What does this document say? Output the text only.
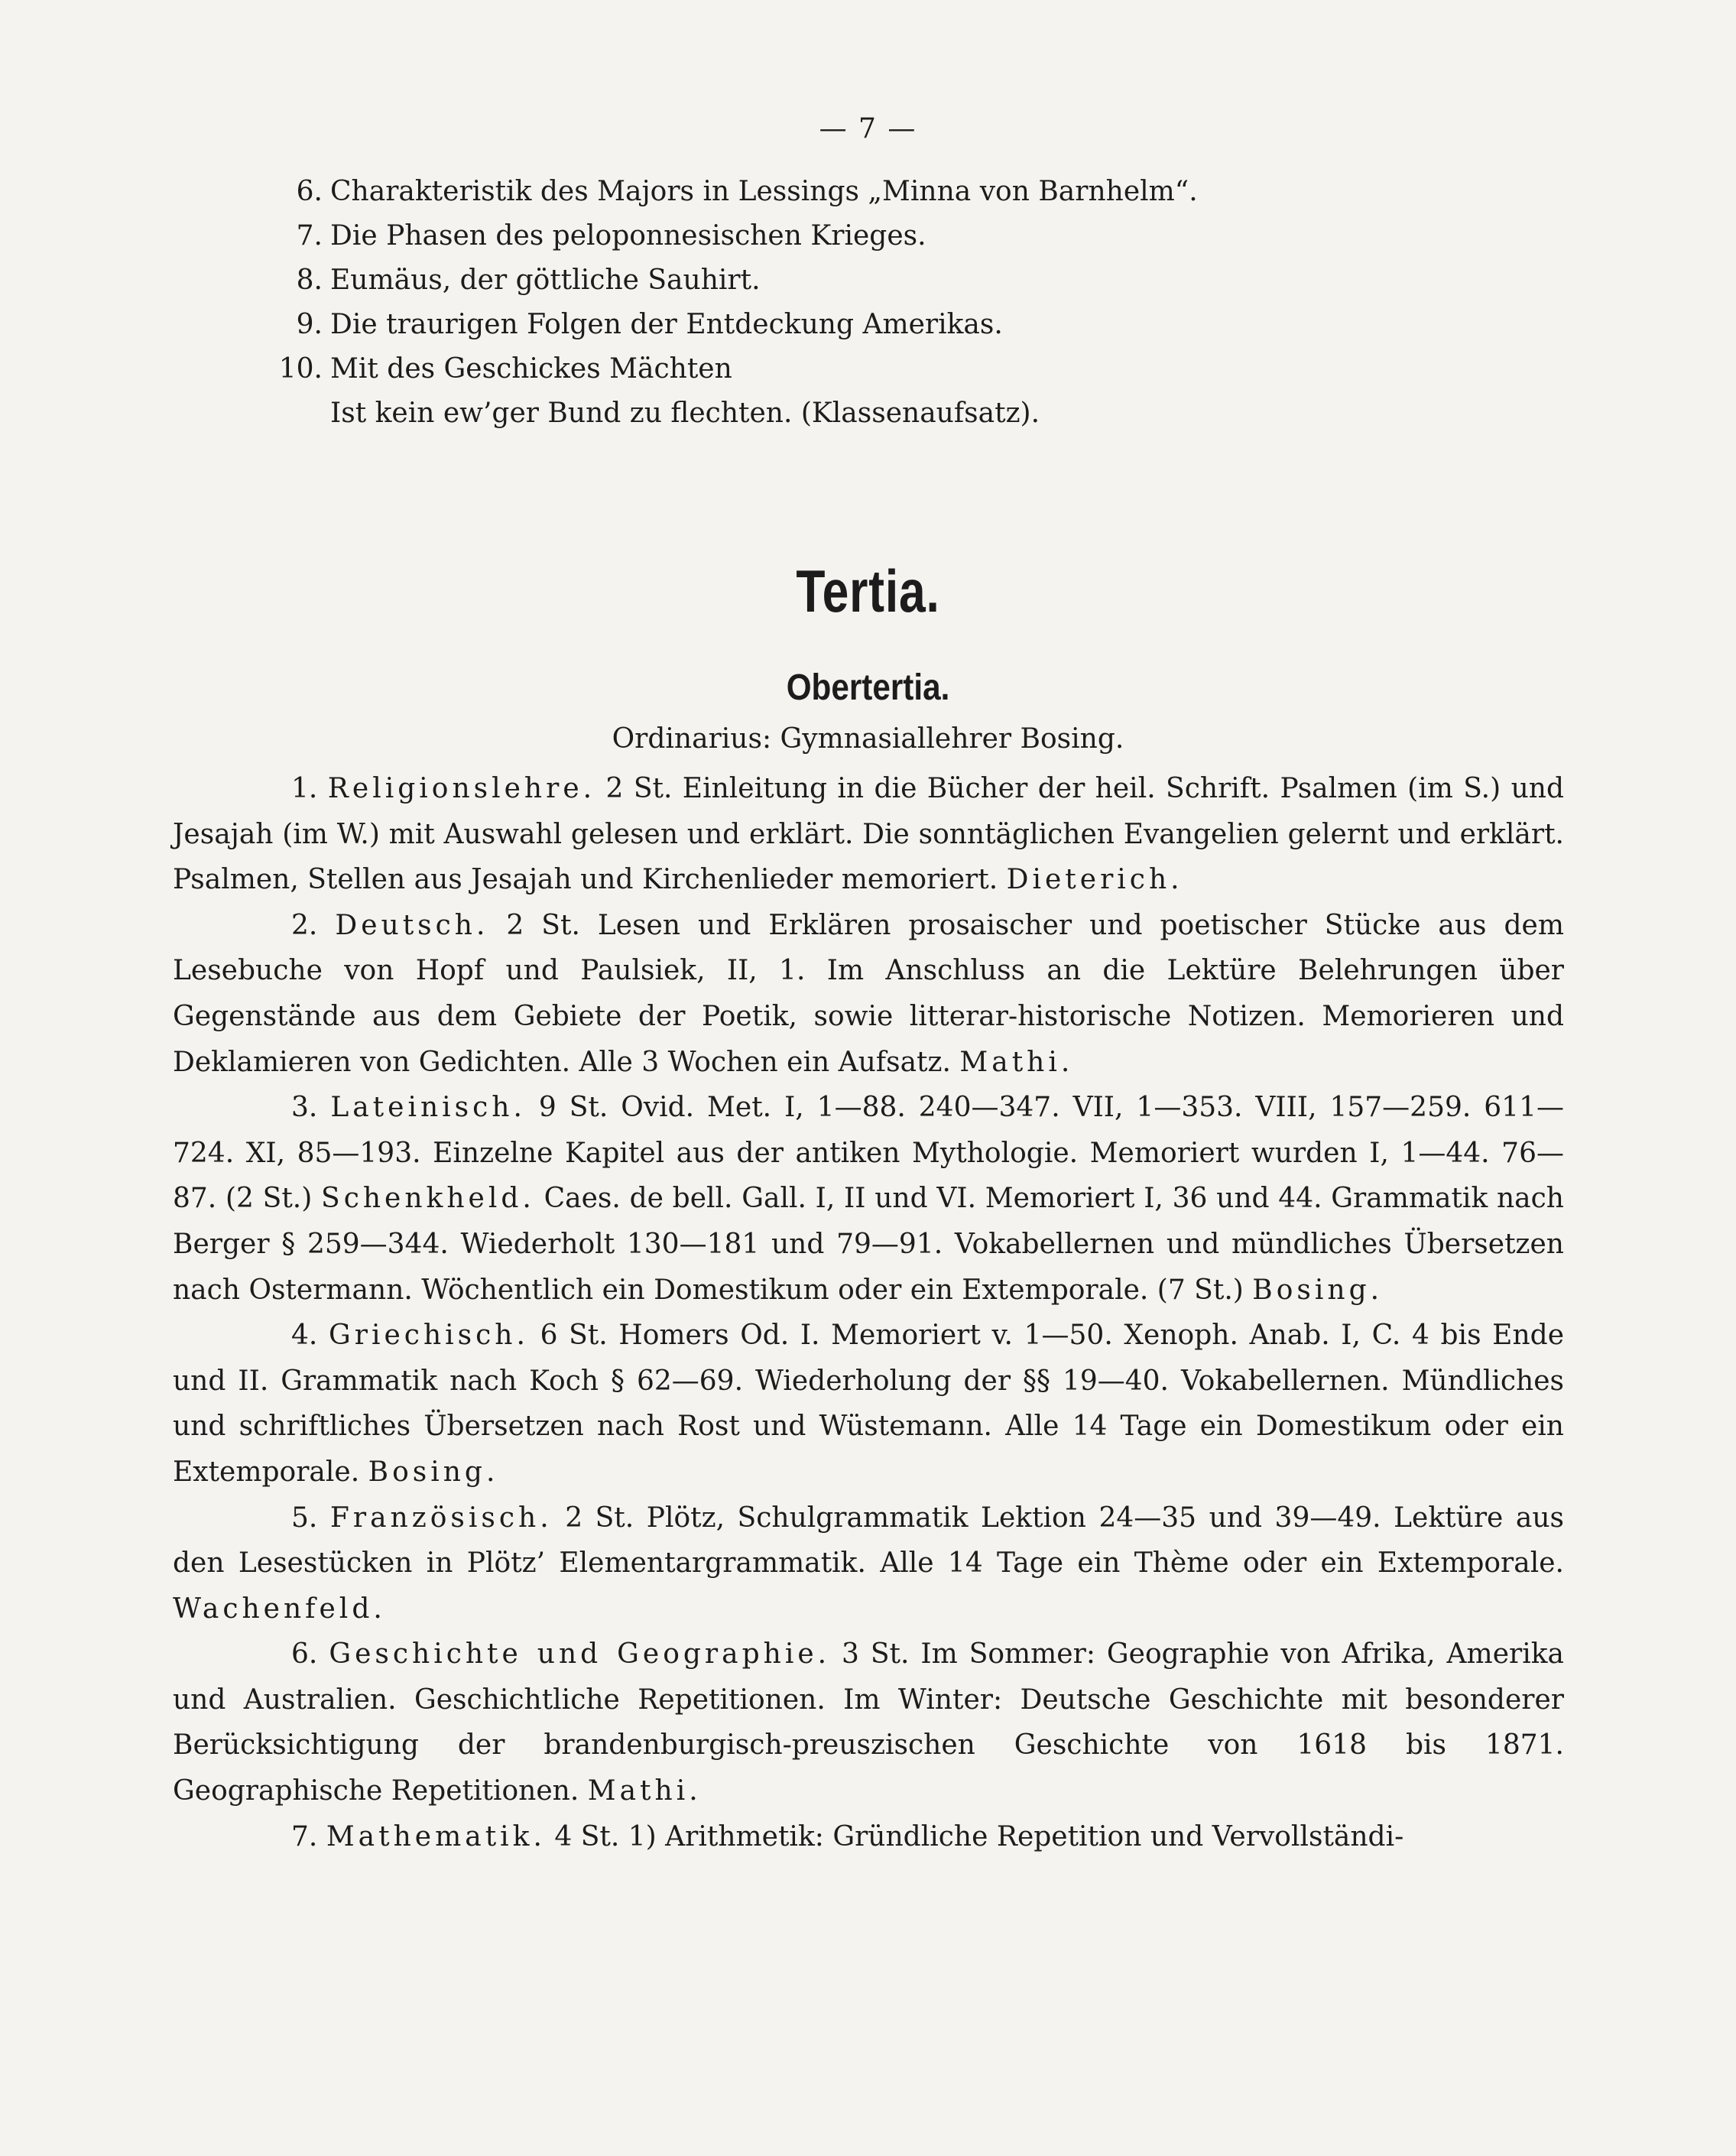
— 7 —
6. Charakteristik des Majors in Lessings „Minna von Barnhelm“.
7. Die Phasen des peloponnesischen Krieges.
8. Eumäus, der göttliche Sauhirt.
9. Die traurigen Folgen der Entdeckung Amerikas.
10. Mit des Geschickes Mächten
Ist kein ew’ger Bund zu flechten. (Klassenaufsatz).
Tertia.
Obertertia.
Ordinarius: Gymnasiallehrer Bosing.

1. Religionslehre. 2 St. Einleitung in die Bücher der heil. Schrift. Psalmen (im S.) und Jesajah (im W.) mit Auswahl gelesen und erklärt. Die sonntäglichen Evangelien gelernt und erklärt. Psalmen, Stellen aus Jesajah und Kirchenlieder memoriert. Dieterich.

2. Deutsch. 2 St. Lesen und Erklären prosaischer und poetischer Stücke aus dem Lesebuche von Hopf und Paulsiek, II, 1. Im Anschluss an die Lektüre Belehrungen über Gegenstände aus dem Gebiete der Poetik, sowie litterar-historische Notizen. Memorieren und Deklamieren von Gedichten. Alle 3 Wochen ein Aufsatz. Mathi.

3. Lateinisch. 9 St. Ovid. Met. I, 1—88. 240—347. VII, 1—353. VIII, 157—259. 611—724. XI, 85—193. Einzelne Kapitel aus der antiken Mythologie. Memoriert wurden I, 1—44. 76—87. (2 St.) Schenkheld. Caes. de bell. Gall. I, II und VI. Memoriert I, 36 und 44. Grammatik nach Berger § 259—344. Wiederholt 130—181 und 79—91. Vokabellernen und mündliches Übersetzen nach Ostermann. Wöchentlich ein Domestikum oder ein Extemporale. (7 St.) Bosing.

4. Griechisch. 6 St. Homers Od. I. Memoriert v. 1—50. Xenoph. Anab. I, C. 4 bis Ende und II. Grammatik nach Koch § 62—69. Wiederholung der §§ 19—40. Vokabellernen. Mündliches und schriftliches Übersetzen nach Rost und Wüstemann. Alle 14 Tage ein Domestikum oder ein Extemporale. Bosing.

5. Französisch. 2 St. Plötz, Schulgrammatik Lektion 24—35 und 39—49. Lektüre aus den Lesestücken in Plötz’ Elementargrammatik. Alle 14 Tage ein Thème oder ein Extemporale. Wachenfeld.

6. Geschichte und Geographie. 3 St. Im Sommer: Geographie von Afrika, Amerika und Australien. Geschichtliche Repetitionen. Im Winter: Deutsche Geschichte mit besonderer Berücksichtigung der brandenburgisch-preuszischen Geschichte von 1618 bis 1871. Geographische Repetitionen. Mathi.

7. Mathematik. 4 St. 1) Arithmetik: Gründliche Repetition und Vervollständi-
